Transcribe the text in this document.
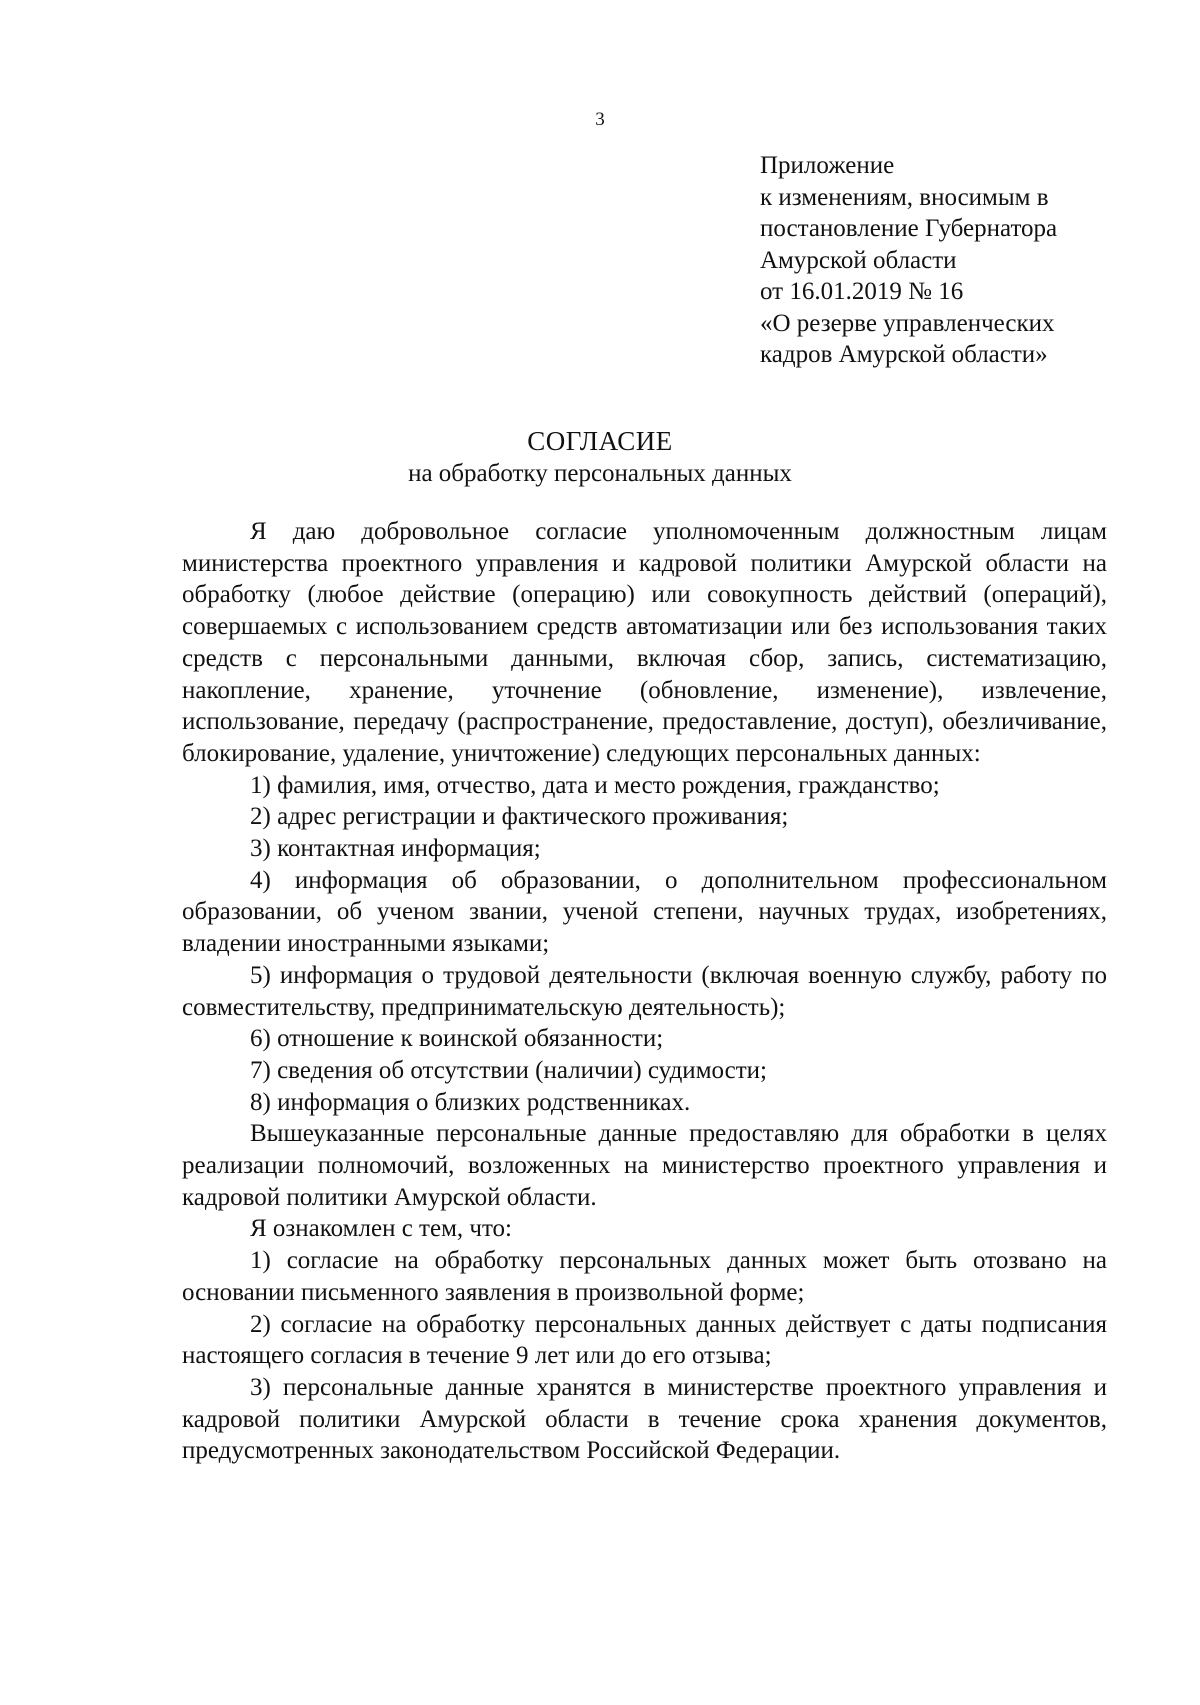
3
Приложение
к изменениям, вносимым в
постановление Губернатора
Амурской области
от 16.01.2019 № 16
«О резерве управленческих
кадров Амурской области»
СОГЛАСИЕ
на обработку персональных данных

Я даю добровольное согласие уполномоченным должностным лицам министерства проектного управления и кадровой политики Амурской области на обработку (любое действие (операцию) или совокупность действий (операций), совершаемых с использованием средств автоматизации или без использования таких средств с персональными данными, включая сбор, запись, систематизацию, накопление, хранение, уточнение (обновление, изменение), извлечение, использование, передачу (распространение, предоставление, доступ), обезличивание, блокирование, удаление, уничтожение) следующих персональных данных:

1) фамилия, имя, отчество, дата и место рождения, гражданство;

2) адрес регистрации и фактического проживания;

3) контактная информация;

4) информация об образовании, о дополнительном профессиональном образовании, об ученом звании, ученой степени, научных трудах, изобретениях, владении иностранными языками;

5) информация о трудовой деятельности (включая военную службу, работу по совместительству, предпринимательскую деятельность);

6) отношение к воинской обязанности;

7) сведения об отсутствии (наличии) судимости;

8) информация о близких родственниках.

Вышеуказанные персональные данные предоставляю для обработки в целях реализации полномочий, возложенных на министерство проектного управления и кадровой политики Амурской области.

Я ознакомлен с тем, что:

1) согласие на обработку персональных данных может быть отозвано на основании письменного заявления в произвольной форме;

2) согласие на обработку персональных данных действует с даты подписания настоящего согласия в течение 9 лет или до его отзыва;

3) персональные данные хранятся в министерстве проектного управления и кадровой политики Амурской области в течение срока хранения документов, предусмотренных законодательством Российской Федерации.
